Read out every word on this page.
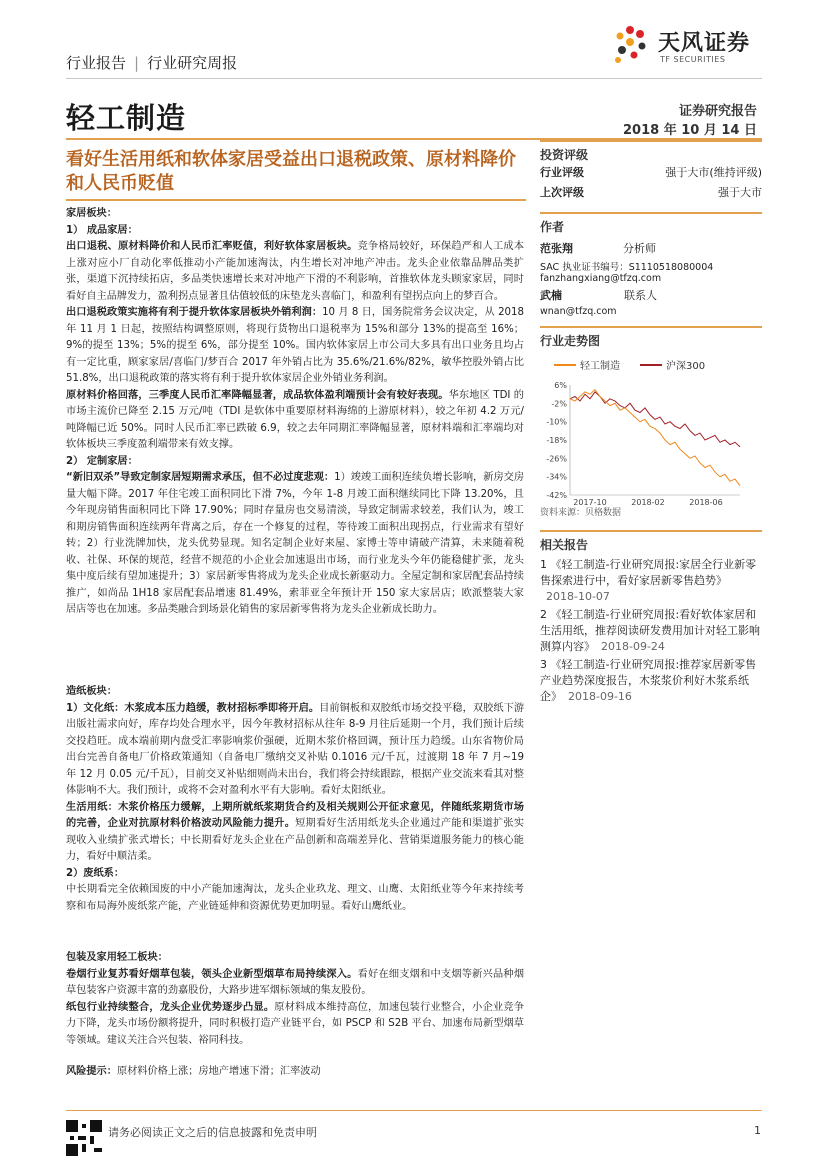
行业报告 | 行业研究周报
天风证券
TF SECURITIES
轻工制造	证券研究报告
2018 年 10 月 14 日
看好生活用纸和软体家居受益出口退税政策、原材料降价和人民币贬值

家居板块：

1） 成品家居：

出口退税、原材料降价和人民币汇率贬值，利好软体家居板块。竞争格局较好，环保趋严和人工成本上涨对应小厂自动化率低推动小产能加速淘汰，内生增长对冲地产冲击。龙头企业依靠品牌品类扩张，渠道下沉持续拓店，多品类快速增长来对冲地产下滑的不利影响，首推软体龙头顾家家居，同时看好自主品牌发力，盈利拐点显著且估值较低的床垫龙头喜临门，和盈利有望拐点向上的梦百合。

出口退税政策实施将有利于提升软体家居板块外销利润：10 月 8 日，国务院常务会议决定，从 2018 年 11 月 1 日起，按照结构调整原则，将现行货物出口退税率为 15%和部分 13%的提高至 16%；9%的提至 13%；5%的提至 6%，部分提至 10%。国内软体家居上市公司大多具有出口业务且均占有一定比重，顾家家居/喜临门/梦百合 2017 年外销占比为 35.6%/21.6%/82%，敏华控股外销占比 51.8%，出口退税政策的落实将有利于提升软体家居企业外销业务利润。

原材料价格回落，三季度人民币汇率降幅显著，成品软体盈利端预计会有较好表现。华东地区 TDI 的市场主流价已降至 2.15 万元/吨（TDI 是软体中重要原材料海绵的上游原材料），较之年初 4.2 万元/吨降幅已近 50%。同时人民币汇率已跌破 6.9，较之去年同期汇率降幅显著，原材料端和汇率端均对软体板块三季度盈利端带来有效支撑。

2） 定制家居：

“新旧双杀”导致定制家居短期需求承压，但不必过度悲观：1）竣竣工面积连续负增长影响，新房交房量大幅下降。2017 年住宅竣工面积同比下滑 7%，今年 1-8 月竣工面积继续同比下降 13.20%，且今年现房销售面积同比下降 17.90%；同时存量房也交易清淡，导致定制需求较差，我们认为，竣工和期房销售面积连续两年背离之后，存在一个修复的过程，等待竣工面积出现拐点，行业需求有望好转；2）行业洗牌加快，龙头优势显现。知名定制企业好来屋、家博士等申请破产清算，未来随着税收、社保、环保的规范，经营不规范的小企业会加速退出市场，而行业龙头今年仍能稳健扩张，龙头集中度后续有望加速提升；3）家居新零售将成为龙头企业成长新驱动力。全屋定制和家居配套品持续推广，如尚品 1H18 家居配套品增速 81.49%，索菲亚全年预计开 150 家大家居店；欧派整装大家居店等也在加速。多品类融合到场景化销售的家居新零售将为龙头企业新成长助力。

造纸板块：

1）文化纸：木浆成本压力趋缓，教材招标季即将开启。目前铜板和双胶纸市场交投平稳，双胶纸下游出版社需求向好，库存均处合理水平，因今年教材招标从往年 8-9 月往后延期一个月，我们预计后续交投趋旺。成本端前期内盘受汇率影响浆价强硬，近期木浆价格回调，预计压力趋缓。山东省物价局出台完善自备电厂价格政策通知（自备电厂缴纳交叉补贴 0.1016 元/千瓦，过渡期 18 年 7 月~19 年 12 月 0.05 元/千瓦），目前交叉补贴细则尚未出台，我们将会持续跟踪，根据产业交流来看其对整体影响不大。我们预计，或将不会对盈利水平有大影响。看好太阳纸业。

生活用纸：木浆价格压力缓解，上期所就纸浆期货合约及相关规则公开征求意见，伴随纸浆期货市场的完善，企业对抗原材料价格波动风险能力提升。短期看好生活用纸龙头企业通过产能和渠道扩张实现收入业绩扩张式增长；中长期看好龙头企业在产品创新和高端差异化、营销渠道服务能力的核心能力，看好中顺洁柔。

2）废纸系：

中长期看完全依赖国废的中小产能加速淘汰，龙头企业玖龙、理文、山鹰、太阳纸业等今年来持续考察和布局海外废纸浆产能，产业链延伸和资源优势更加明显。看好山鹰纸业。

包装及家用轻工板块：

卷烟行业复苏看好烟草包装，领头企业新型烟草布局持续深入。看好在细支烟和中支烟等新兴品种烟草包装客户资源丰富的劲嘉股份，大路步进军烟标领域的集友股份。

纸包行业持续整合，龙头企业优势逐步凸显。原材料成本维持高位，加速包装行业整合，小企业竞争力下降，龙头市场份额将提升，同时积极打造产业链平台，如 PSCP 和 S2B 平台、加速布局新型烟草等领域。建议关注合兴包装、裕同科技。

风险提示：原材料价格上涨；房地产增速下滑；汇率波动

投资评级
行业评级	强于大市(维持评级)
上次评级	强于大市
作者
范张翔	分析师
SAC 执业证书编号：S1110518080004
fanzhangxiang@tfzq.com
武楠	联系人
wnan@tfzq.com
行业走势图
轻工制造	沪深300
6%
-2%
-10%
-18%
-26%
-34%
-42%
2017-10	2018-02	2018-06
资料来源：贝格数据
相关报告
1 《轻工制造-行业研究周报:家居全行业新零售探索进行中，看好家居新零售趋势》2018-10-07
2 《轻工制造-行业研究周报:看好软体家居和生活用纸，推荐阅读研发费用加计对轻工影响测算内容》 2018-09-24
3 《轻工制造-行业研究周报:推荐家居新零售产业趋势深度报告，木浆浆价利好木浆系纸企》 2018-09-16
请务必阅读正文之后的信息披露和免责申明	1
